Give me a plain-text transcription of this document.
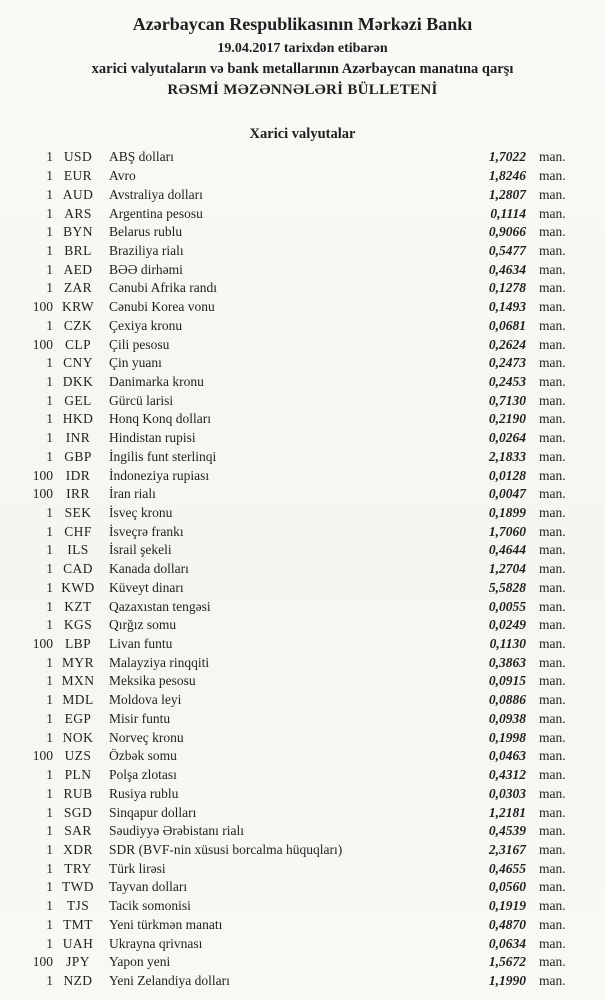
Azərbaycan Respublikasının Mərkəzi Bankı
19.04.2017 tarixdən etibarən
xarici valyutaların və bank metallarının Azərbaycan manatına qarşı
RƏSMİ MƏZƏNNƏLƏRİ BÜLLETENİ
Xarici valyutalar
1 USD	ABŞ dolları	1,7022 man.
1 EUR	Avro	1,8246 man.
1 AUD	Avstraliya dolları	1,2807 man.
1 ARS	Argentina pesosu	0,1114 man.
1 BYN	Belarus rublu	0,9066 man.
1 BRL	Braziliya rialı	0,5477 man.
1 AED	BƏƏ dirhəmi	0,4634 man.
1 ZAR	Cənubi Afrika randı	0,1278 man.
100 KRW	Cənubi Korea vonu	0,1493 man.
1 CZK	Çexiya kronu	0,0681 man.
100 CLP	Çili pesosu	0,2624 man.
1 CNY	Çin yuanı	0,2473 man.
1 DKK	Danimarka kronu	0,2453 man.
1 GEL	Gürcü larisi	0,7130 man.
1 HKD	Honq Konq dolları	0,2190 man.
1 INR	Hindistan rupisi	0,0264 man.
1 GBP	İngilis funt sterlinqi	2,1833 man.
100 IDR	İndoneziya rupiası	0,0128 man.
100 IRR	İran rialı	0,0047 man.
1 SEK	İsveç kronu	0,1899 man.
1 CHF	İsveçrə frankı	1,7060 man.
1	ILS	İsrail şekeli	0,4644 man.
1 CAD	Kanada dolları	1,2704 man.
1 KWD	Küveyt dinarı	5,5828 man.
1 KZT	Qazaxıstan tengəsi	0,0055 man.
1 KGS	Qırğız somu	0,0249 man.
100 LBP	Livan funtu	0,1130 man.
1 MYR	Malayziya rinqqiti	0,3863 man.
1 MXN	Meksika pesosu	0,0915 man.
1 MDL	Moldova leyi	0,0886 man.
1 EGP	Misir funtu	0,0938 man.
1 NOK	Norveç kronu	0,1998 man.
100 UZS	Özbək somu	0,0463 man.
1 PLN	Polşa zlotası	0,4312 man.
1 RUB	Rusiya rublu	0,0303 man.
1 SGD	Sinqapur dolları	1,2181 man.
1 SAR	Səudiyyə Ərəbistanı rialı	0,4539 man.
1 XDR	SDR (BVF-nin xüsusi borcalma hüquqları)	2,3167 man.
1 TRY	Türk lirəsi	0,4655 man.
1 TWD	Tayvan dolları	0,0560 man.
1	TJS	Tacik somonisi	0,1919 man.
1 TMT	Yeni türkmən manatı	0,4870 man.
1 UAH	Ukrayna qrivnası	0,0634 man.
100 JPY	Yapon yeni	1,5672 man.
1 NZD	Yeni Zelandiya dolları	1,1990 man.
